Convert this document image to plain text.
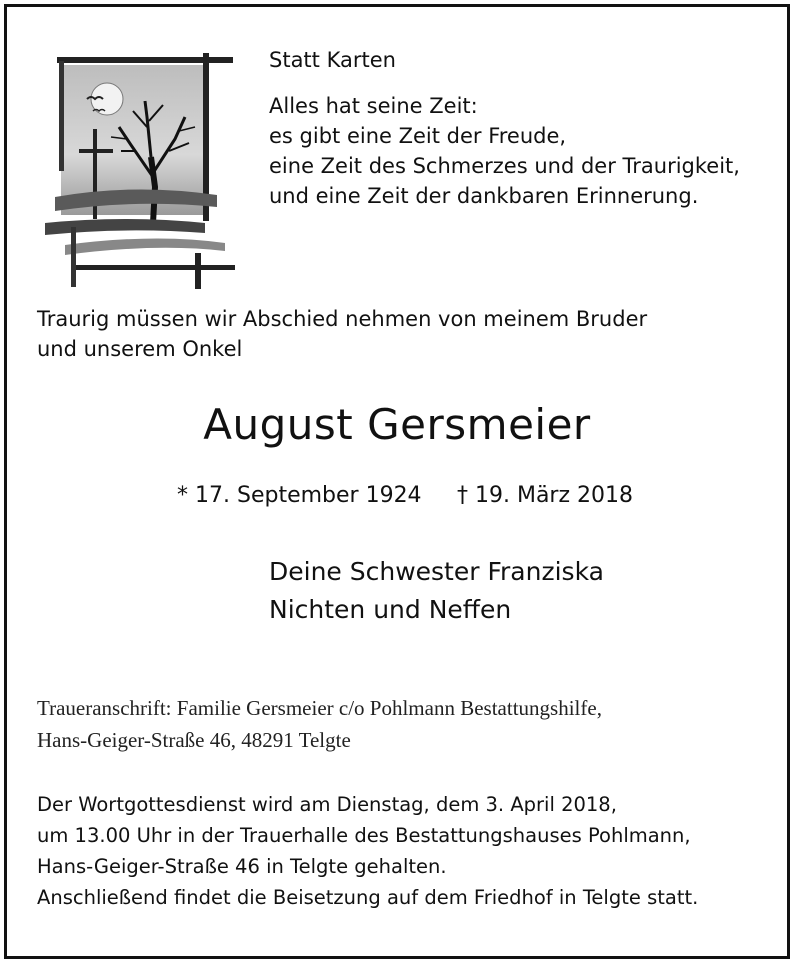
Statt Karten
Alles hat seine Zeit:
es gibt eine Zeit der Freude,
eine Zeit des Schmerzes und der Traurigkeit,
und eine Zeit der dankbaren Erinnerung.
Traurig müssen wir Abschied nehmen von meinem Bruder
und unserem Onkel
August Gersmeier
* 17. September 1924 † 19. März 2018
Deine Schwester Franziska
Nichten und Neffen
Traueranschrift: Familie Gersmeier c/o Pohlmann Bestattungshilfe,
Hans-Geiger-Straße 46, 48291 Telgte
Der Wortgottesdienst wird am Dienstag, dem 3. April 2018,
um 13.00 Uhr in der Trauerhalle des Bestattungshauses Pohlmann,
Hans-Geiger-Straße 46 in Telgte gehalten.
Anschließend findet die Beisetzung auf dem Friedhof in Telgte statt.
